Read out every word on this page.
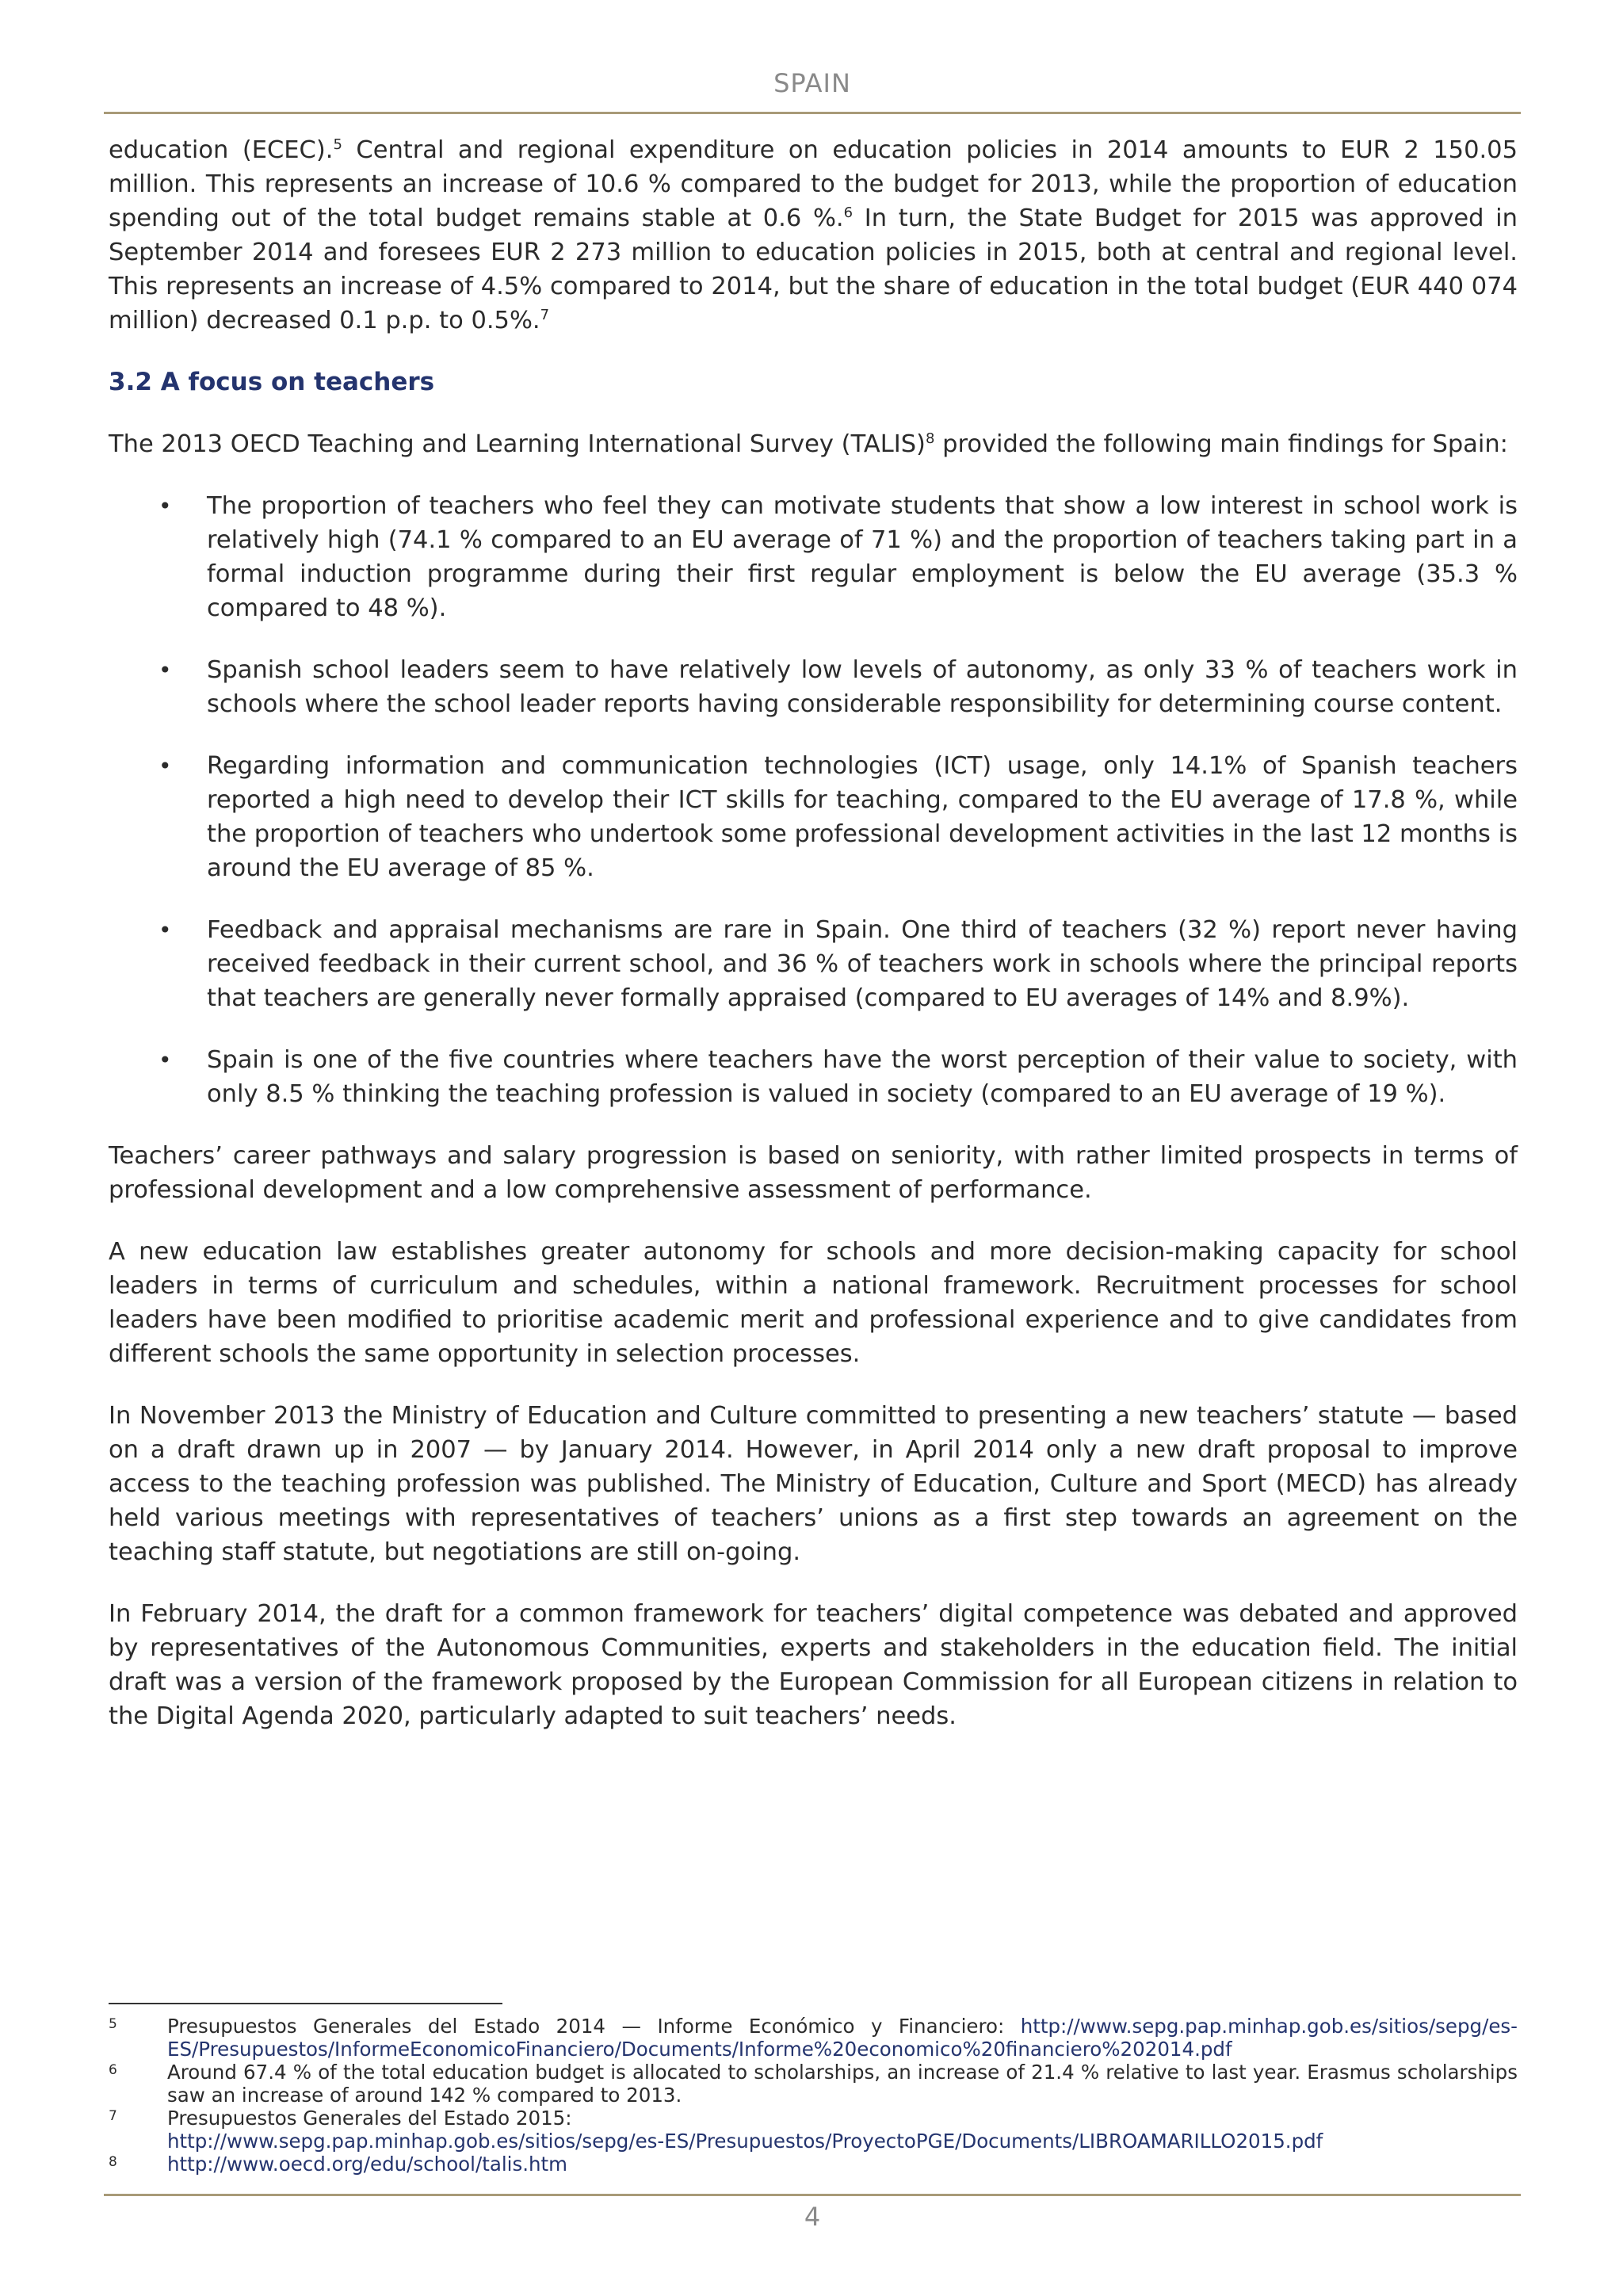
SPAIN

education (ECEC).$^5$ Central and regional expenditure on education policies in 2014 amounts to EUR 2 150.05 million. This represents an increase of 10.6 % compared to the budget for 2013, while the proportion of education spending out of the total budget remains stable at 0.6 %.$^6$ In turn, the State Budget for 2015 was approved in September 2014 and foresees EUR 2 273 million to education policies in 2015, both at central and regional level. This represents an increase of 4.5% compared to 2014, but the share of education in the total budget (EUR 440 074 million) decreased 0.1 p.p. to 0.5%.$^7$

3.2 A focus on teachers

The 2013 OECD Teaching and Learning International Survey (TALIS)$^8$ provided the following main findings for Spain:

• The proportion of teachers who feel they can motivate students that show a low interest in school work is relatively high (74.1 % compared to an EU average of 71 %) and the proportion of teachers taking part in a formal induction programme during their first regular employment is below the EU average (35.3 % compared to 48 %).
• Spanish school leaders seem to have relatively low levels of autonomy, as only 33 % of teachers work in schools where the school leader reports having considerable responsibility for determining course content.
• Regarding information and communication technologies (ICT) usage, only 14.1% of Spanish teachers reported a high need to develop their ICT skills for teaching, compared to the EU average of 17.8 %, while the proportion of teachers who undertook some professional development activities in the last 12 months is around the EU average of 85 %.
• Feedback and appraisal mechanisms are rare in Spain. One third of teachers (32 %) report never having received feedback in their current school, and 36 % of teachers work in schools where the principal reports that teachers are generally never formally appraised (compared to EU averages of 14% and 8.9%).
• Spain is one of the five countries where teachers have the worst perception of their value to society, with only 8.5 % thinking the teaching profession is valued in society (compared to an EU average of 19 %).

Teachers’ career pathways and salary progression is based on seniority, with rather limited prospects in terms of professional development and a low comprehensive assessment of performance.

A new education law establishes greater autonomy for schools and more decision-making capacity for school leaders in terms of curriculum and schedules, within a national framework. Recruitment processes for school leaders have been modified to prioritise academic merit and professional experience and to give candidates from different schools the same opportunity in selection processes.

In November 2013 the Ministry of Education and Culture committed to presenting a new teachers’ statute — based on a draft drawn up in 2007 — by January 2014. However, in April 2014 only a new draft proposal to improve access to the teaching profession was published. The Ministry of Education, Culture and Sport (MECD) has already held various meetings with representatives of teachers’ unions as a first step towards an agreement on the teaching staff statute, but negotiations are still on-going.

In February 2014, the draft for a common framework for teachers’ digital competence was debated and approved by representatives of the Autonomous Communities, experts and stakeholders in the education field. The initial draft was a version of the framework proposed by the European Commission for all European citizens in relation to the Digital Agenda 2020, particularly adapted to suit teachers’ needs.

5	Presupuestos Generales del Estado 2014 — Informe Económico y Financiero: http://www.sepg.pap.minhap.gob.es/sitios/sepg/es-ES/Presupuestos/InformeEconomicoFinanciero/Documents/Informe%20economico%20financiero%202014.pdf
6	Around 67.4 % of the total education budget is allocated to scholarships, an increase of 21.4 % relative to last year. Erasmus scholarships saw an increase of around 142 % compared to 2013.
7	Presupuestos Generales del Estado 2015:
http://www.sepg.pap.minhap.gob.es/sitios/sepg/es-ES/Presupuestos/ProyectoPGE/Documents/LIBROAMARILLO2015.pdf
8	http://www.oecd.org/edu/school/talis.htm
4
